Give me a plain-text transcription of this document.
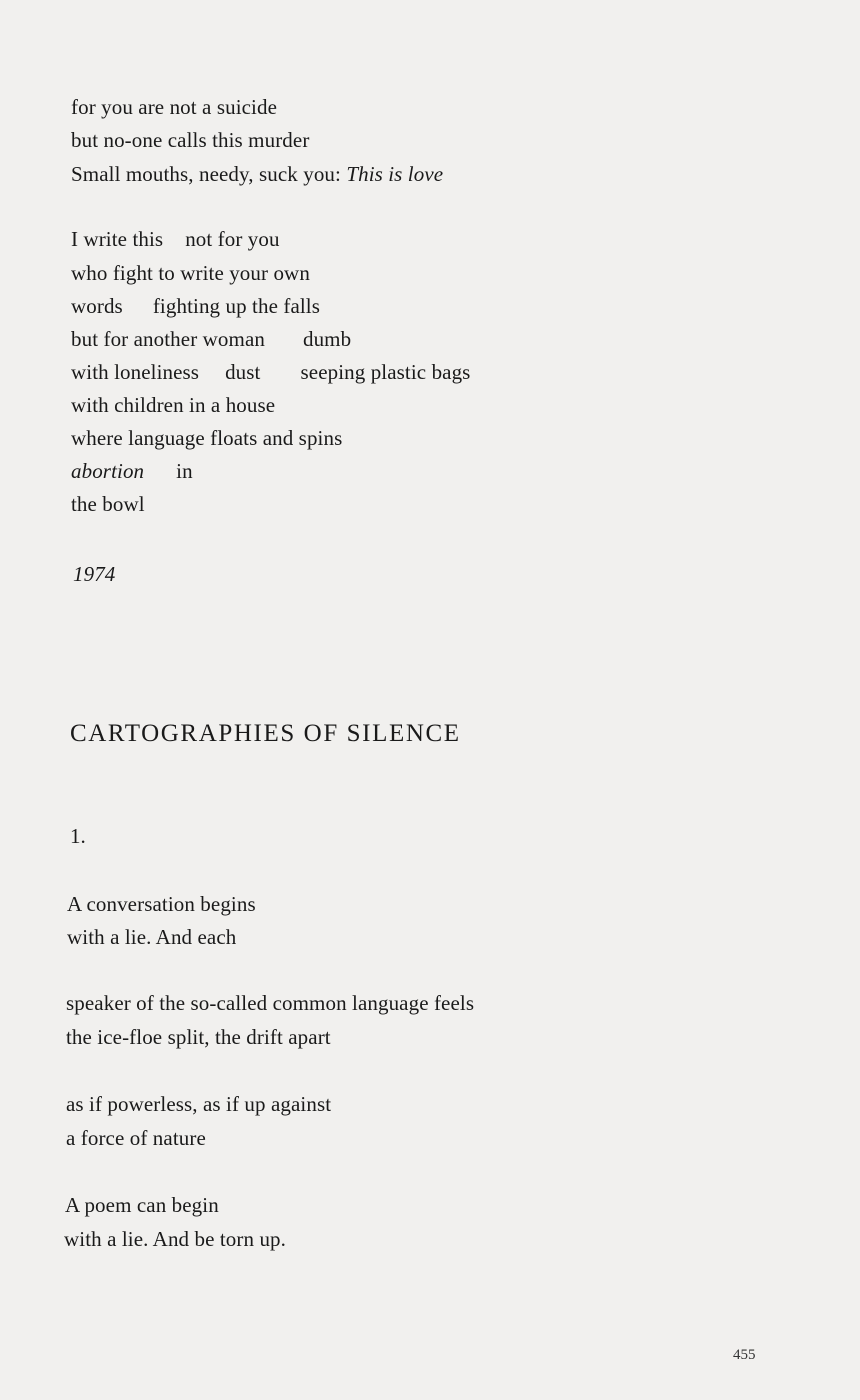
for you are not a suicide
but no-one calls this murder
Small mouths, needy, suck you: This is love
I write this not for you
who fight to write your own
words fighting up the falls
but for another woman dumb
with loneliness dust seeping plastic bags
with children in a house
where language floats and spins
abortion in
the bowl
1974
CARTOGRAPHIES OF SILENCE
1.
A conversation begins
with a lie. And each
speaker of the so-called common language feels
the ice-floe split, the drift apart
as if powerless, as if up against
a force of nature
A poem can begin
with a lie. And be torn up.
455
